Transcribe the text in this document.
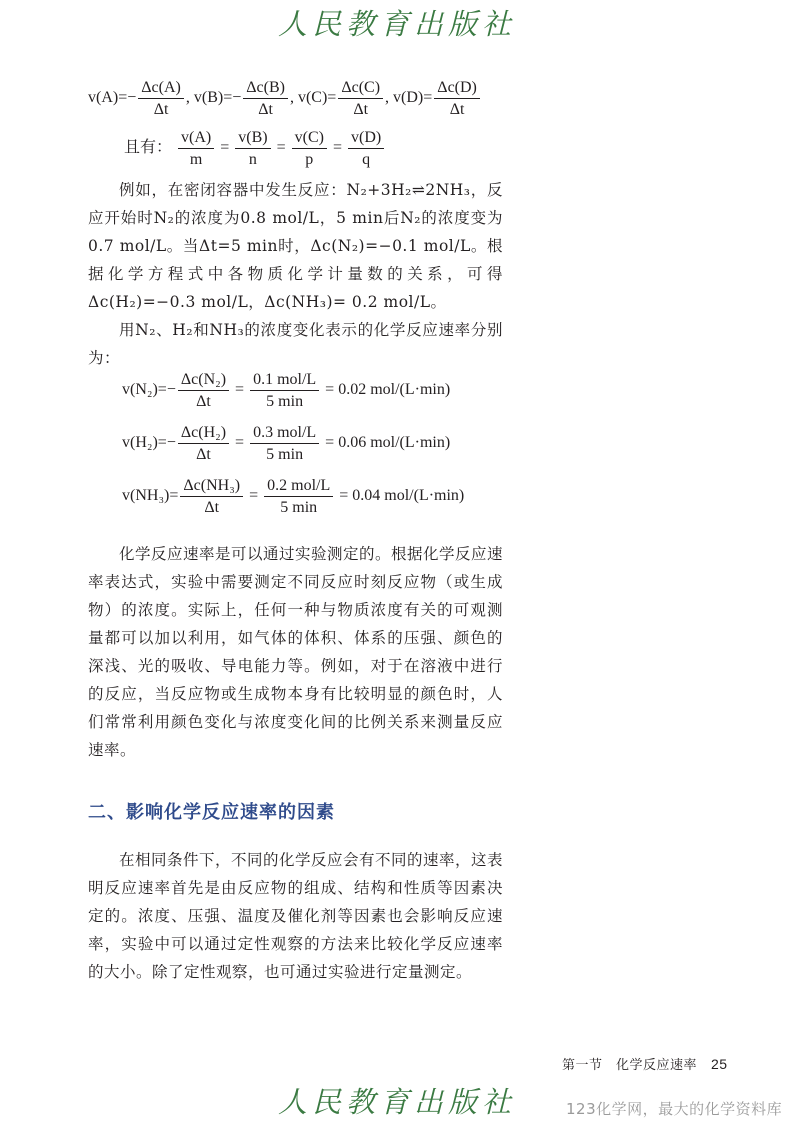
人民教育出版社
$v(A)=- \frac{\Delta c(A)}{\Delta t}$ , $v(B)=- \frac{\Delta c(B)}{\Delta t}$ , $v(C)= \frac{\Delta c(C)}{\Delta t}$ , $v(D)= \frac{\Delta c(D)}{\Delta t}$
且有： $\frac{v(A)}{m} = \frac{v(B)}{n} = \frac{v(C)}{p} = \frac{v(D)}{q}$

例如，在密闭容器中发生反应：N₂+3H₂⇌2NH₃，反应开始时N₂的浓度为0.8 mol/L，5 min后N₂的浓度变为0.7 mol/L。当Δt=5 min时，Δc(N₂)=−0.1 mol/L。根据化学方程式中各物质化学计量数的关系，可得Δc(H₂)=−0.3 mol/L，Δc(NH₃)= 0.2 mol/L。

用N₂、H₂和NH₃的浓度变化表示的化学反应速率分别为：

$v(N_2)=- \frac{\text{Δc(N₂)}}{\Delta t} = \frac{\text{0.1 mol/L}}{5 \min} = 0.02$ mol/(L·min)
$v(H_2)=- \frac{\text{Δc(H₂)}}{\Delta t} = \frac{\text{0.3 mol/L}}{5 \min} = 0.06$ mol/(L·min)
$v(NH_3)= \frac{\text{Δc(NH₃)}}{\Delta t} = \frac{\text{0.2 mol/L}}{5 \min} = 0.04$ mol/(L·min)

化学反应速率是可以通过实验测定的。根据化学反应速率表达式，实验中需要测定不同反应时刻反应物（或生成物）的浓度。实际上，任何一种与物质浓度有关的可观测量都可以加以利用，如气体的体积、体系的压强、颜色的深浅、光的吸收、导电能力等。例如，对于在溶液中进行的反应，当反应物或生成物本身有比较明显的颜色时，人们常常利用颜色变化与浓度变化间的比例关系来测量反应速率。

二、影响化学反应速率的因素

在相同条件下，不同的化学反应会有不同的速率，这表明反应速率首先是由反应物的组成、结构和性质等因素决定的。浓度、压强、温度及催化剂等因素也会影响反应速率，实验中可以通过定性观察的方法来比较化学反应速率的大小。除了定性观察，也可通过实验进行定量测定。

第一节　化学反应速率 25
人民教育出版社	123化学网，最大的化学资料库
